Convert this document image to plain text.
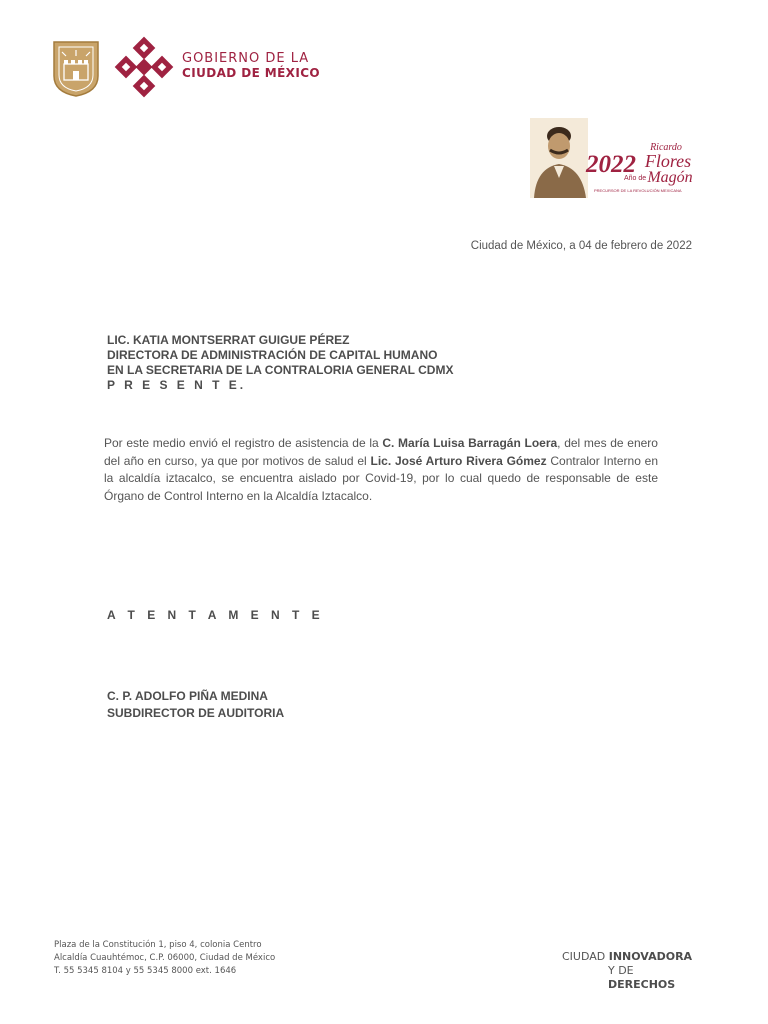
GOBIERNO DE LA
CIUDAD DE MÉXICO
Ricardo
2022 Flores
Año de Magón
PRECURSOR DE LA REVOLUCIÓN MEXICANA
Ciudad de México, a 04 de febrero de 2022
LIC. KATIA MONTSERRAT GUIGUE PÉREZ
DIRECTORA DE ADMINISTRACIÓN DE CAPITAL HUMANO
EN LA SECRETARIA DE LA CONTRALORIA GENERAL CDMX
P R E S E N T E.
Por este medio envió el registro de asistencia de la C. María Luisa Barragán Loera, del mes de enero del año en curso, ya que por motivos de salud el Lic. José Arturo Rivera Gómez Contralor Interno en la alcaldía iztacalco, se encuentra aislado por Covid-19, por lo cual quedo de responsable de este Órgano de Control Interno en la Alcaldía Iztacalco.
A T E N T A M E N T E
C. P. ADOLFO PIÑA MEDINA
SUBDIRECTOR DE AUDITORIA
Plaza de la Constitución 1, piso 4, colonia Centro
Alcaldía Cuauhtémoc, C.P. 06000, Ciudad de México
T. 55 5345 8104 y 55 5345 8000 ext. 1646
CIUDAD INNOVADORA
Y DE DERECHOS
